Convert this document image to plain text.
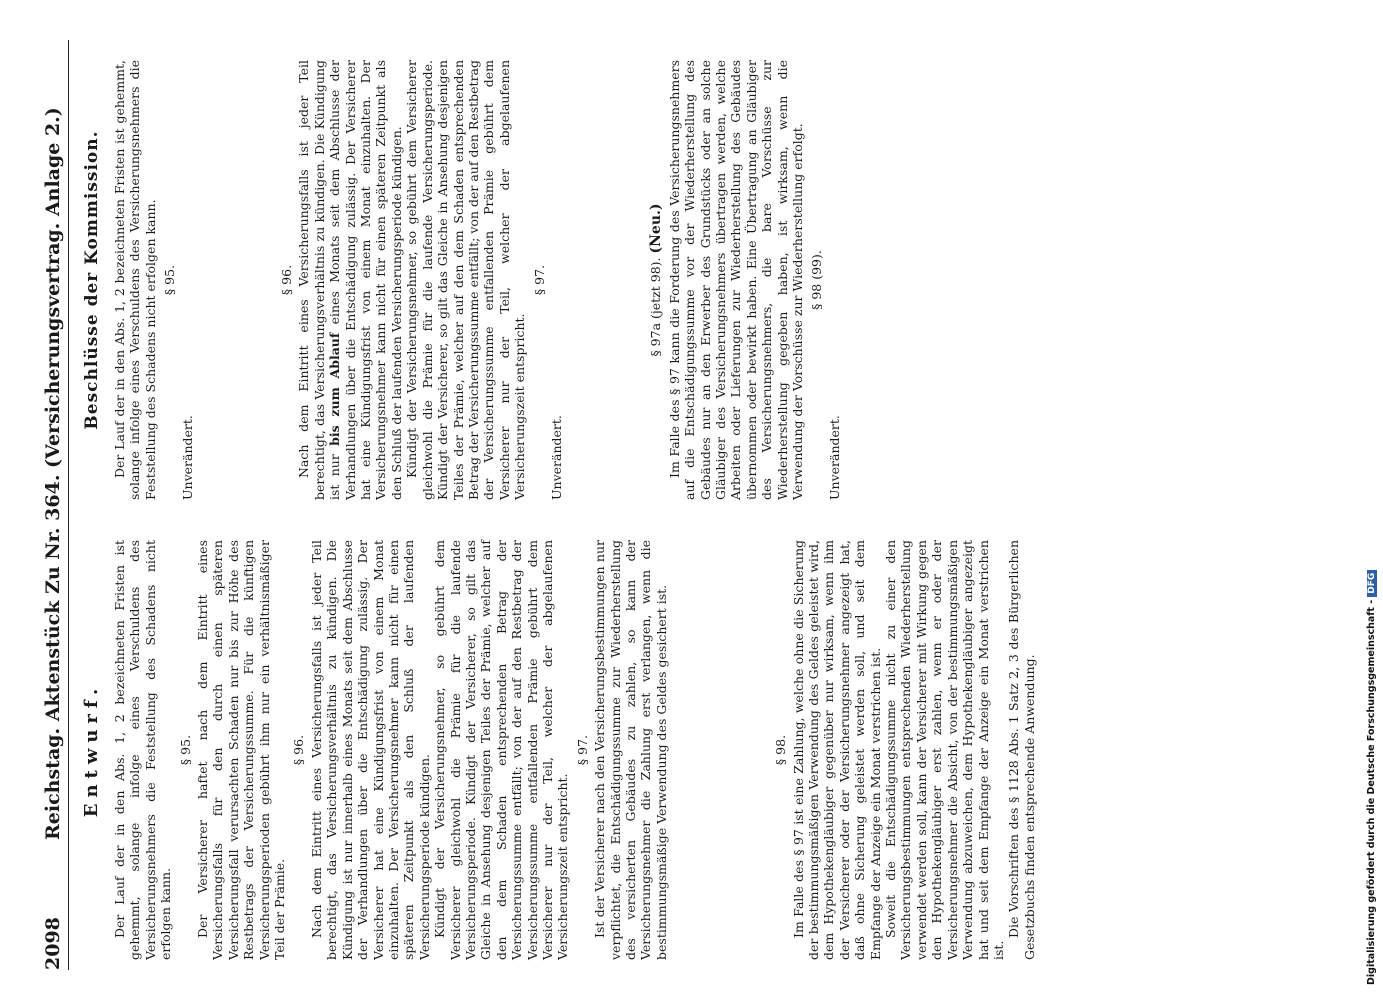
2098
Reichstag. Aktenstück Zu Nr. 364. (Versicherungsvertrag. Anlage 2.) Entwurf. Der Lauf der in den Abs. 1, 2 bezeichneten Fristen ist gehemmt, solange infolge eines Verschuldens des Versicherungsnehmers die Feststellung des Schadens nicht erfolgen kann.

§ 95. Der Versicherer haftet nach dem Eintritt eines Versicherungsfalls für den durch einen späteren Versicherungsfall verursachten Schaden nur bis zur Höhe des Restbetrags der Versicherungssumme. Für die künftigen Versicherungsperioden gebührt ihm nur ein verhältnismäßiger Teil der Prämie.

§ 96. Nach dem Eintritt eines Versicherungsfalls ist jeder Teil berechtigt, das Versicherungsverhältnis zu kündigen. Die Kündigung ist nur innerhalb eines Monats seit dem Abschlusse der Verhandlungen über die Entschädigung zulässig. Der Versicherer hat eine Kündigungsfrist von einem Monat einzuhalten. Der Versicherungsnehmer kann nicht für einen späteren Zeitpunkt als den Schluß der laufenden Versicherungsperiode kündigen. Kündigt der Versicherungsnehmer, so gebührt dem Versicherer gleichwohl die Prämie für die laufende Versicherungsperiode. Kündigt der Versicherer, so gilt das Gleiche in Ansehung desjenigen Teiles der Prämie, welcher auf den dem Schaden entsprechenden Betrag der Versicherungssumme entfällt; von der auf den Restbetrag der Versicherungssumme entfallenden Prämie gebührt dem Versicherer nur der Teil, welcher der abgelaufenen Versicherungszeit entspricht.

§ 97. Ist der Versicherer nach den Versicherungsbestimmungen nur verpflichtet, die Entschädigungssumme zur Wiederherstellung des versicherten Gebäudes zu zahlen, so kann der Versicherungsnehmer die Zahlung erst verlangen, wenn die bestimmungsmäßige Verwendung des Geldes gesichert ist.	§ 98. Im Falle des § 97 ist eine Zahlung, welche ohne die Sicherung der bestimmungsmäßigen Verwendung des Geldes geleistet wird, dem Hypothekengläubiger gegenüber nur wirksam, wenn ihm der Versicherer oder der Versicherungsnehmer angezeigt hat, daß ohne Sicherung geleistet werden soll, und seit dem Empfange der Anzeige ein Monat verstrichen ist. Soweit die Entschädigungssumme nicht zu einer den Versicherungsbestimmungen entsprechenden Wiederherstellung verwendet werden soll, kann der Versicherer mit Wirkung gegen den Hypothekengläubiger erst zahlen, wenn er oder der Versicherungsnehmer die Absicht, von der bestimmungsmäßigen Verwendung abzuweichen, dem Hypothekengläubiger angezeigt hat und seit dem Empfange der Anzeige ein Monat verstrichen ist.

Die Vorschriften des § 1128 Abs. 1 Satz 2, 3 des Bürgerlichen Gesetzbuchs finden entsprechende Anwendung.

Beschlüsse der Kommission. Der Lauf der in den Abs. 1, 2 bezeichneten Fristen ist gehemmt, solange infolge eines Verschuldens des Versicherungsnehmers die Feststellung des Schadens nicht erfolgen kann. § 95.

Unverändert.

§ 96. Nach dem Eintritt eines Versicherungsfalls ist jeder Teil berechtigt, das Versicherungsverhältnis zu kündigen. Die Kündigung ist nur bis zum Ablauf eines Monats seit dem Abschlusse der Verhandlungen über die Entschädigung zulässig. Der Versicherer hat eine Kündigungsfrist von einem Monat einzuhalten. Der Versicherungsnehmer kann nicht für einen späteren Zeitpunkt als den Schluß der laufenden Versicherungsperiode kündigen. Kündigt der Versicherungsnehmer, so gebührt dem Versicherer gleichwohl die Prämie für die laufende Versicherungsperiode. Kündigt der Versicherer, so gilt das Gleiche in Ansehung desjenigen Teiles der Prämie, welcher auf den dem Schaden entsprechenden Betrag der Versicherungssumme entfällt; von der auf den Restbetrag der Versicherungssumme entfallenden Prämie gebührt dem Versicherer nur der Teil, welcher der abgelaufenen Versicherungszeit entspricht.

§ 97.

Unverändert.

§ 97a (jetzt 98). (Neu.) Im Falle des § 97 kann die Forderung des Versicherungsnehmers auf die Entschädigungssumme vor der Wiederherstellung des Gebäudes nur an den Erwerber des Grundstücks oder an solche Gläubiger des Versicherungsnehmers übertragen werden, welche Arbeiten oder Lieferungen zur Wiederherstellung des Gebäudes übernommen oder bewirkt haben. Eine Übertragung an Gläubiger des Versicherungsnehmers, die bare Vorschüsse zur Wiederherstellung gegeben haben, ist wirksam, wenn die Verwendung der Vorschüsse zur Wiederherstellung erfolgt. § 98 (99).

Unverändert.

Digitalisierung gefördert durch die Deutsche Forschungsgemeinschaft -DFG
